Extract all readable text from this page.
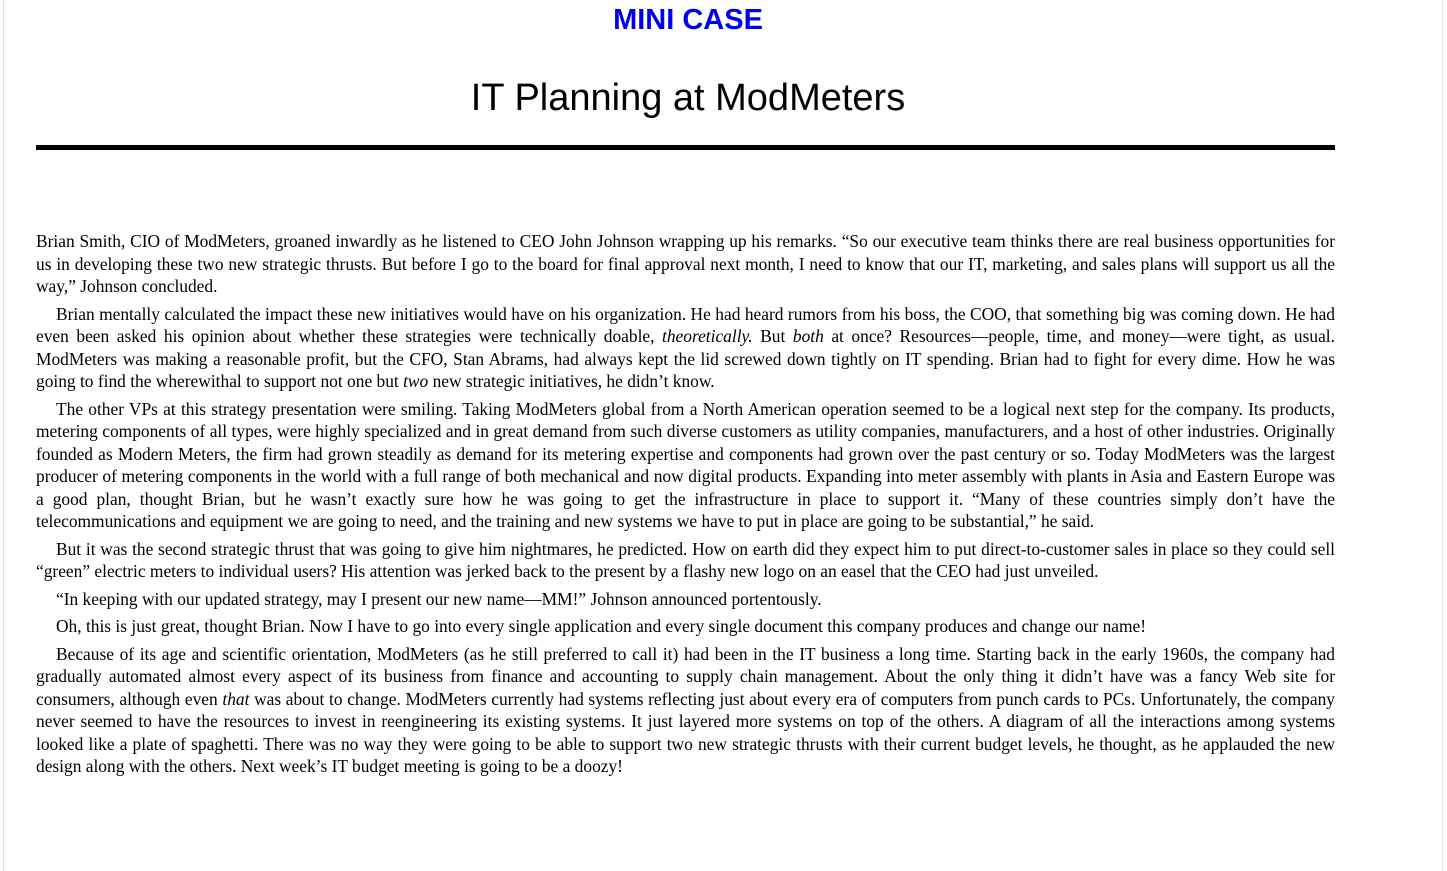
MINI CASE
IT Planning at ModMeters

Brian Smith, CIO of ModMeters, groaned inwardly as he listened to CEO John Johnson wrapping up his remarks. “So our executive team thinks there are real business opportunities for us in developing these two new strategic thrusts. But before I go to the board for final approval next month, I need to know that our IT, marketing, and sales plans will support us all the way,” Johnson concluded.

Brian mentally calculated the impact these new initiatives would have on his organization. He had heard rumors from his boss, the COO, that something big was coming down. He had even been asked his opinion about whether these strategies were technically doable, theoretically. But both at once? Resources—people, time, and money—were tight, as usual. ModMeters was making a reasonable profit, but the CFO, Stan Abrams, had always kept the lid screwed down tightly on IT spending. Brian had to fight for every dime. How he was going to find the wherewithal to support not one but two new strategic initiatives, he didn’t know.

The other VPs at this strategy presentation were smiling. Taking ModMeters global from a North American operation seemed to be a logical next step for the company. Its products, metering components of all types, were highly specialized and in great demand from such diverse customers as utility companies, manufacturers, and a host of other industries. Originally founded as Modern Meters, the firm had grown steadily as demand for its metering expertise and components had grown over the past century or so. Today ModMeters was the largest producer of metering components in the world with a full range of both mechanical and now digital products. Expanding into meter assembly with plants in Asia and Eastern Europe was a good plan, thought Brian, but he wasn’t exactly sure how he was going to get the infrastructure in place to support it. “Many of these countries simply don’t have the telecommunications and equipment we are going to need, and the training and new systems we have to put in place are going to be substantial,” he said.

But it was the second strategic thrust that was going to give him nightmares, he predicted. How on earth did they expect him to put direct-to-customer sales in place so they could sell “green” electric meters to individual users? His attention was jerked back to the present by a flashy new logo on an easel that the CEO had just unveiled.

“In keeping with our updated strategy, may I present our new name—MM!” Johnson announced portentously.

Oh, this is just great, thought Brian. Now I have to go into every single application and every single document this company produces and change our name!

Because of its age and scientific orientation, ModMeters (as he still preferred to call it) had been in the IT business a long time. Starting back in the early 1960s, the company had gradually automated almost every aspect of its business from finance and accounting to supply chain management. About the only thing it didn’t have was a fancy Web site for consumers, although even that was about to change. ModMeters currently had systems reflecting just about every era of computers from punch cards to PCs. Unfortunately, the company never seemed to have the resources to invest in reengineering its existing systems. It just layered more systems on top of the others. A diagram of all the interactions among systems looked like a plate of spaghetti. There was no way they were going to be able to support two new strategic thrusts with their current budget levels, he thought, as he applauded the new design along with the others. Next week’s IT budget meeting is going to be a doozy!
